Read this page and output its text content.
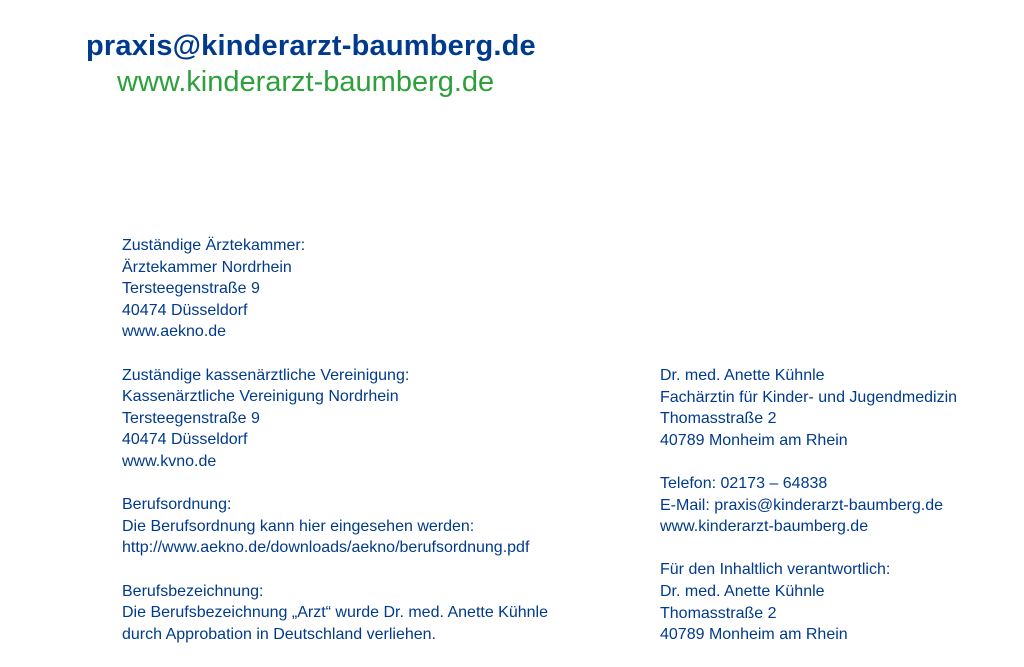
praxis@kinderarzt-baumberg.de
www.kinderarzt-baumberg.de
Zuständige Ärztekammer:
Ärztekammer Nordrhein
Tersteegenstraße 9
40474 Düsseldorf
www.aekno.de
Zuständige kassenärztliche Vereinigung:
Kassenärztliche Vereinigung Nordrhein
Tersteegenstraße 9
40474 Düsseldorf
www.kvno.de
Berufsordnung:
Die Berufsordnung kann hier eingesehen werden:
http://www.aekno.de/downloads/aekno/berufsordnung.pdf
Berufsbezeichnung:
Die Berufsbezeichnung „Arzt“ wurde Dr. med. Anette Kühnle
durch Approbation in Deutschland verliehen.
Dr. med. Anette Kühnle
Fachärztin für Kinder- und Jugendmedizin
Thomasstraße 2
40789 Monheim am Rhein
Telefon: 02173 – 64838
E-Mail: praxis@kinderarzt-baumberg.de
www.kinderarzt-baumberg.de
Für den Inhaltlich verantwortlich:
Dr. med. Anette Kühnle
Thomasstraße 2
40789 Monheim am Rhein
